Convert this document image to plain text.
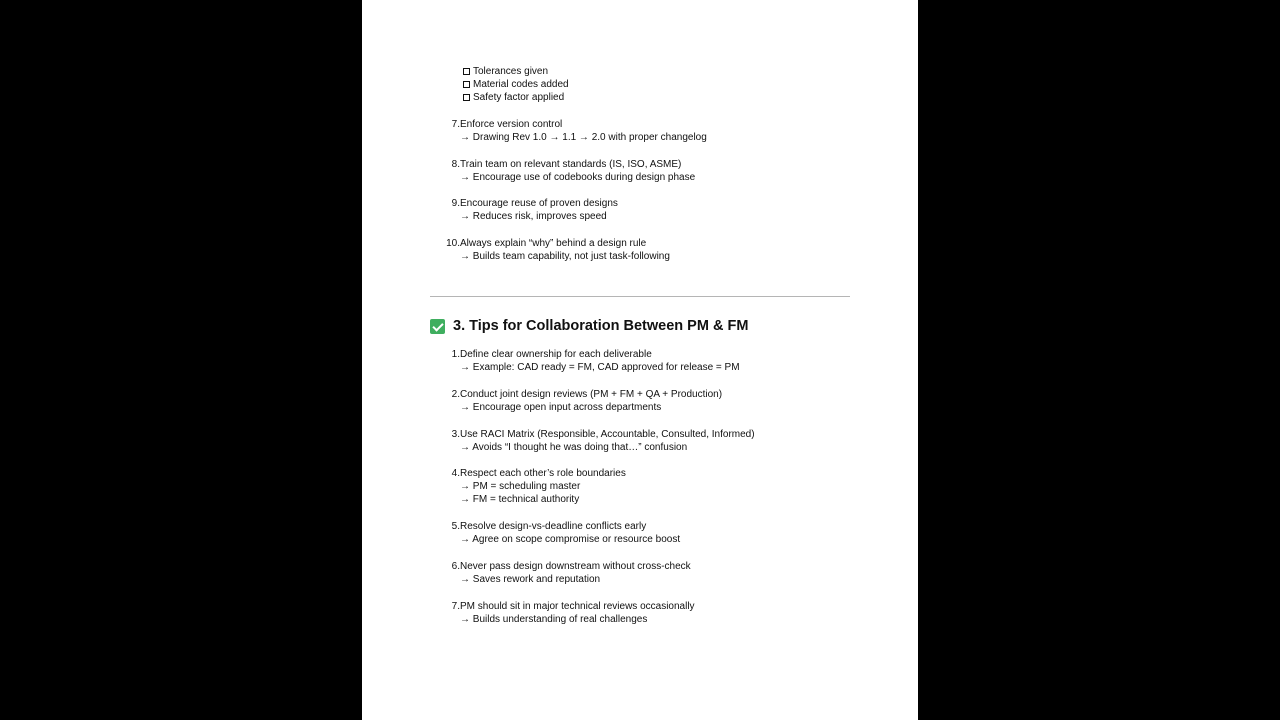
Tolerances given
Material codes added
Safety factor applied
7. Enforce version control
→ Drawing Rev 1.0 → 1.1 → 2.0 with proper changelog
8. Train team on relevant standards (IS, ISO, ASME)
→ Encourage use of codebooks during design phase
9. Encourage reuse of proven designs
→ Reduces risk, improves speed
10. Always explain “why” behind a design rule
→ Builds team capability, not just task-following
3. Tips for Collaboration Between PM & FM
1. Define clear ownership for each deliverable
→ Example: CAD ready = FM, CAD approved for release = PM
2. Conduct joint design reviews (PM + FM + QA + Production)
→ Encourage open input across departments
3. Use RACI Matrix (Responsible, Accountable, Consulted, Informed)
→ Avoids “I thought he was doing that…” confusion
4. Respect each other’s role boundaries
→ PM = scheduling master
→ FM = technical authority
5. Resolve design-vs-deadline conflicts early
→ Agree on scope compromise or resource boost
6. Never pass design downstream without cross-check
→ Saves rework and reputation
7. PM should sit in major technical reviews occasionally
→ Builds understanding of real challenges
